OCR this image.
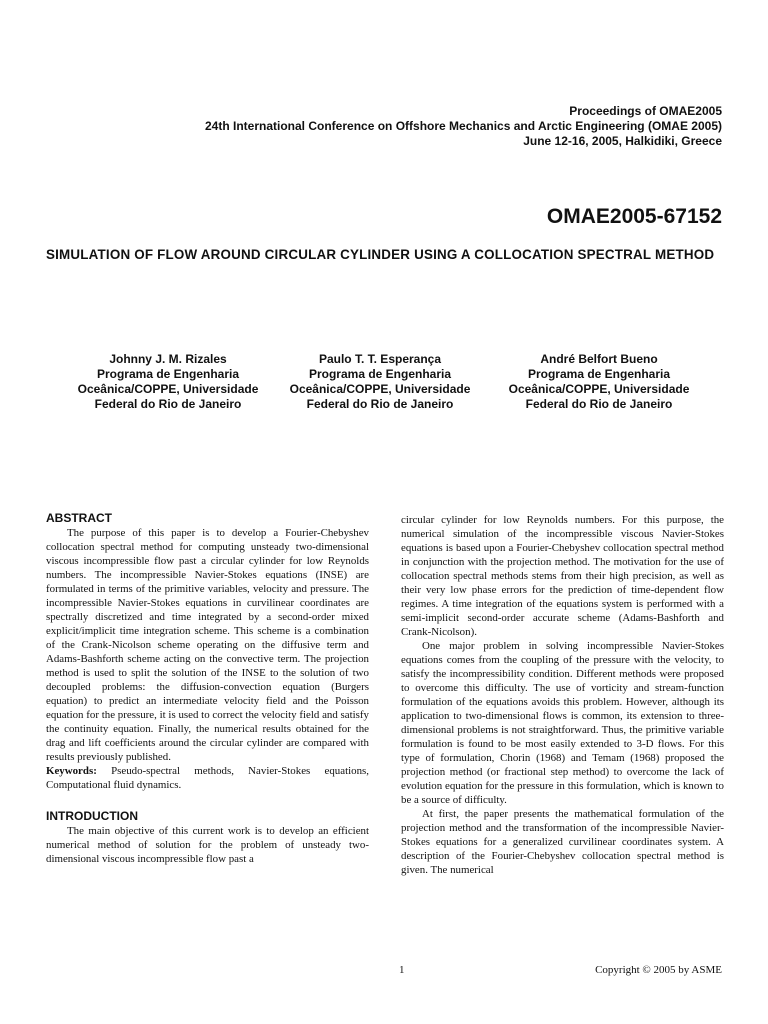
Proceedings of OMAE2005
24th International Conference on Offshore Mechanics and Arctic Engineering (OMAE 2005)
June 12-16, 2005, Halkidiki, Greece
OMAE2005-67152
SIMULATION OF FLOW AROUND CIRCULAR CYLINDER USING A COLLOCATION SPECTRAL METHOD
Johnny J. M. Rizales
Programa de Engenharia
Oceânica/COPPE, Universidade
Federal do Rio de Janeiro
Paulo T. T. Esperança
Programa de Engenharia
Oceânica/COPPE, Universidade
Federal do Rio de Janeiro
André Belfort Bueno
Programa de Engenharia
Oceânica/COPPE, Universidade
Federal do Rio de Janeiro
ABSTRACT

The purpose of this paper is to develop a Fourier-Chebyshev collocation spectral method for computing unsteady two-dimensional viscous incompressible flow past a circular cylinder for low Reynolds numbers. The incompressible Navier-Stokes equations (INSE) are formulated in terms of the primitive variables, velocity and pressure. The incompressible Navier-Stokes equations in curvilinear coordinates are spectrally discretized and time integrated by a second-order mixed explicit/implicit time integration scheme. This scheme is a combination of the Crank-Nicolson scheme operating on the diffusive term and Adams-Bashforth scheme acting on the convective term. The projection method is used to split the solution of the INSE to the solution of two decoupled problems: the diffusion-convection equation (Burgers equation) to predict an intermediate velocity field and the Poisson equation for the pressure, it is used to correct the velocity field and satisfy the continuity equation. Finally, the numerical results obtained for the drag and lift coefficients around the circular cylinder are compared with results previously published.

Keywords: Pseudo-spectral methods, Navier-Stokes equations, Computational fluid dynamics.

INTRODUCTION

The main objective of this current work is to develop an efficient numerical method of solution for the problem of unsteady two-dimensional viscous incompressible flow past a

circular cylinder for low Reynolds numbers. For this purpose, the numerical simulation of the incompressible viscous Navier-Stokes equations is based upon a Fourier-Chebyshev collocation spectral method in conjunction with the projection method. The motivation for the use of collocation spectral methods stems from their high precision, as well as their very low phase errors for the prediction of time-dependent flow regimes. A time integration of the equations system is performed with a semi-implicit second-order accurate scheme (Adams-Bashforth and Crank-Nicolson).

One major problem in solving incompressible Navier-Stokes equations comes from the coupling of the pressure with the velocity, to satisfy the incompressibility condition. Different methods were proposed to overcome this difficulty. The use of vorticity and stream-function formulation of the equations avoids this problem. However, although its application to two-dimensional flows is common, its extension to three-dimensional problems is not straightforward. Thus, the primitive variable formulation is found to be most easily extended to 3-D flows. For this type of formulation, Chorin (1968) and Temam (1968) proposed the projection method (or fractional step method) to overcome the lack of evolution equation for the pressure in this formulation, which is known to be a source of difficulty.

At first, the paper presents the mathematical formulation of the projection method and the transformation of the incompressible Navier-Stokes equations for a generalized curvilinear coordinates system. A description of the Fourier-Chebyshev collocation spectral method is given. The numerical

1	Copyright © 2005 by ASME
